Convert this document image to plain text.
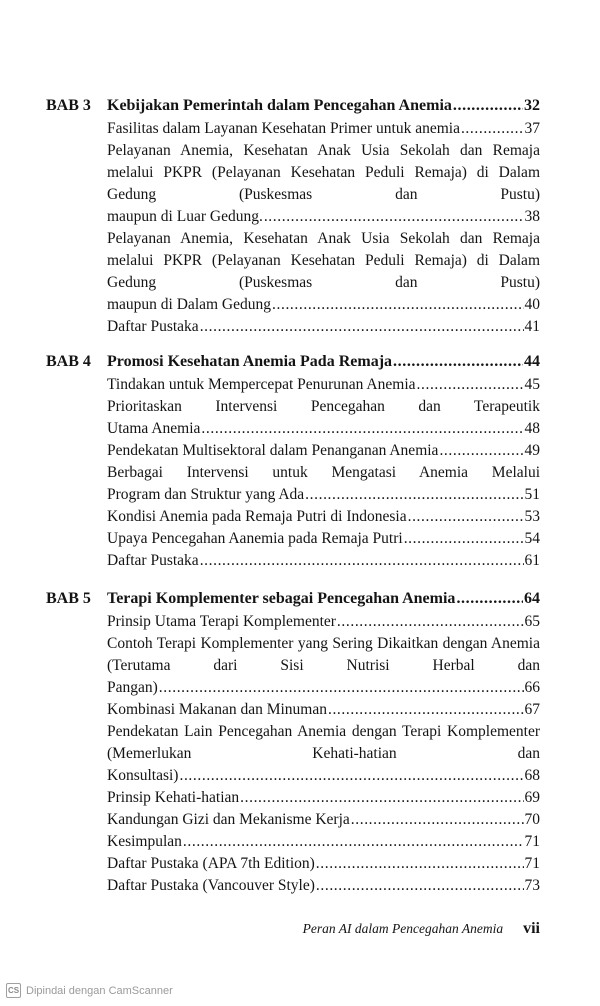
BAB 3 Kebijakan Pemerintah dalam Pencegahan Anemia .....	32
Fasilitas dalam Layanan Kesehatan Primer untuk anemia .....	37
Pelayanan Anemia, Kesehatan Anak Usia Sekolah dan Remaja melalui PKPR (Pelayanan Kesehatan Peduli Remaja) di Dalam Gedung (Puskesmas dan Pustu)
maupun di Luar Gedung. .....	38
Pelayanan Anemia, Kesehatan Anak Usia Sekolah dan Remaja melalui PKPR (Pelayanan Kesehatan Peduli Remaja) di Dalam Gedung (Puskesmas dan Pustu)
maupun di Dalam Gedung .....	40
Daftar Pustaka .....	41
BAB 4 Promosi Kesehatan Anemia Pada Remaja .....	44
Tindakan untuk Mempercepat Penurunan Anemia .....	45
Prioritaskan Intervensi Pencegahan dan Terapeutik
Utama Anemia .....	48
Pendekatan Multisektoral dalam Penanganan Anemia .....	49
Berbagai Intervensi untuk Mengatasi Anemia Melalui
Program dan Struktur yang Ada .....	51
Kondisi Anemia pada Remaja Putri di Indonesia .....	53
Upaya Pencegahan Aanemia pada Remaja Putri .....	54
Daftar Pustaka .....	61
BAB 5 Terapi Komplementer sebagai Pencegahan Anemia .....	64
Prinsip Utama Terapi Komplementer .....	65
Contoh Terapi Komplementer yang Sering Dikaitkan dengan Anemia (Terutama dari Sisi Nutrisi Herbal dan
Pangan) .....	66
Kombinasi Makanan dan Minuman .....	67
Pendekatan Lain Pencegahan Anemia dengan Terapi Komplementer (Memerlukan Kehati-hatian dan
Konsultasi) .....	68
Prinsip Kehati-hatian .....	69
Kandungan Gizi dan Mekanisme Kerja .....	70
Kesimpulan .....	71
Daftar Pustaka (APA 7th Edition) .....	71
Daftar Pustaka (Vancouver Style) .....	73
Peran AI dalam Pencegahan Anemia vii
CS Dipindai dengan CamScanner
